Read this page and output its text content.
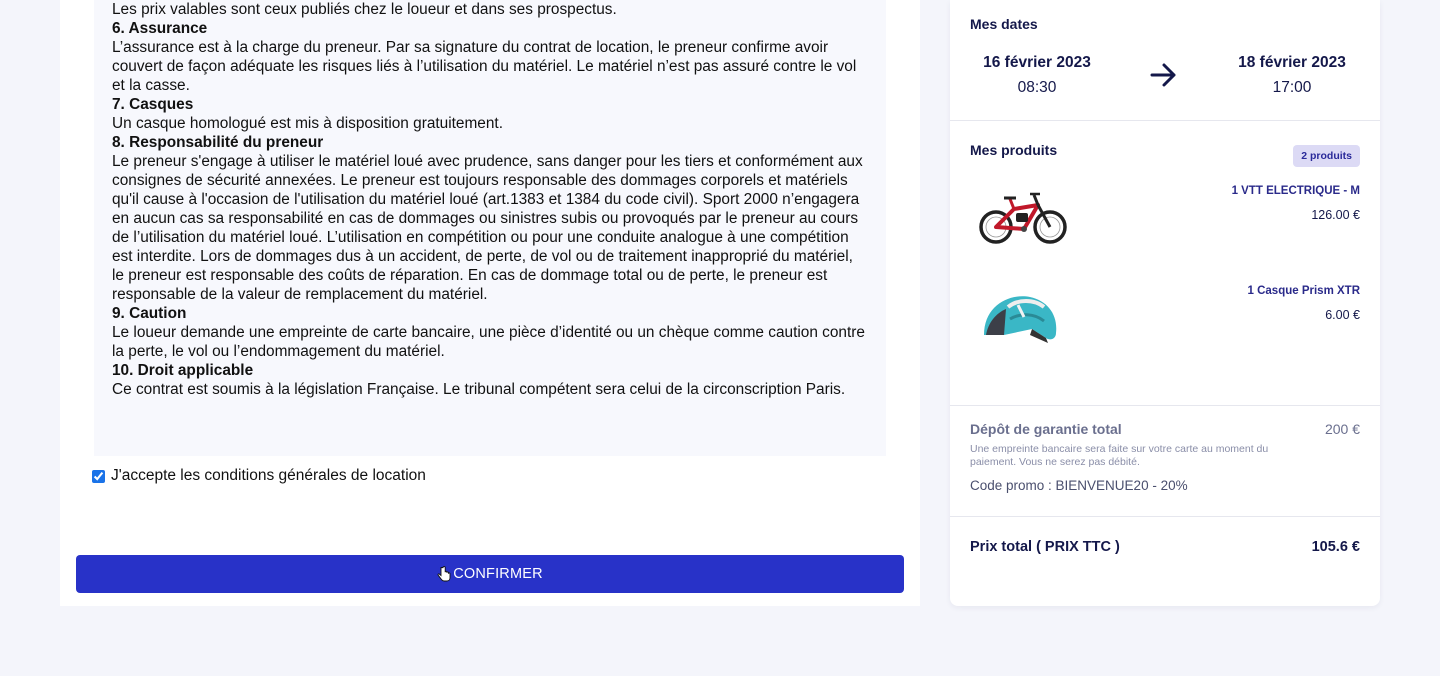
Les prix valables sont ceux publiés chez le loueur et dans ses prospectus.
6. Assurance
L’assurance est à la charge du preneur. Par sa signature du contrat de location, le preneur confirme avoir couvert de façon adéquate les risques liés à l’utilisation du matériel. Le matériel n’est pas assuré contre le vol et la casse.
7. Casques
Un casque homologué est mis à disposition gratuitement.
8. Responsabilité du preneur
Le preneur s'engage à utiliser le matériel loué avec prudence, sans danger pour les tiers et conformément aux consignes de sécurité annexées. Le preneur est toujours responsable des dommages corporels et matériels qu'il cause à l'occasion de l'utilisation du matériel loué (art.1383 et 1384 du code civil). Sport 2000 n’engagera en aucun cas sa responsabilité en cas de dommages ou sinistres subis ou provoqués par le preneur au cours de l’utilisation du matériel loué. L’utilisation en compétition ou pour une conduite analogue à une compétition est interdite. Lors de dommages dus à un accident, de perte, de vol ou de traitement inapproprié du matériel, le preneur est responsable des coûts de réparation. En cas de dommage total ou de perte, le preneur est responsable de la valeur de remplacement du matériel.
9. Caution
Le loueur demande une empreinte de carte bancaire, une pièce d’identité ou un chèque comme caution contre la perte, le vol ou l’endommagement du matériel.
10. Droit applicable
Ce contrat est soumis à la législation Française. Le tribunal compétent sera celui de la circonscription Paris.
J'accepte les conditions générales de location
CONFIRMER
Mes dates
16 février 2023
08:30
18 février 2023
17:00
Mes produits	2 produits
1 VTT ELECTRIQUE - M
126.00 €
1 Casque Prism XTR
6.00 €
Dépôt de garantie total	200 €
Une empreinte bancaire sera faite sur votre carte au moment du paiement. Vous ne serez pas débité.
Code promo : BIENVENUE20 - 20%
Prix total ( PRIX TTC )	105.6 €
